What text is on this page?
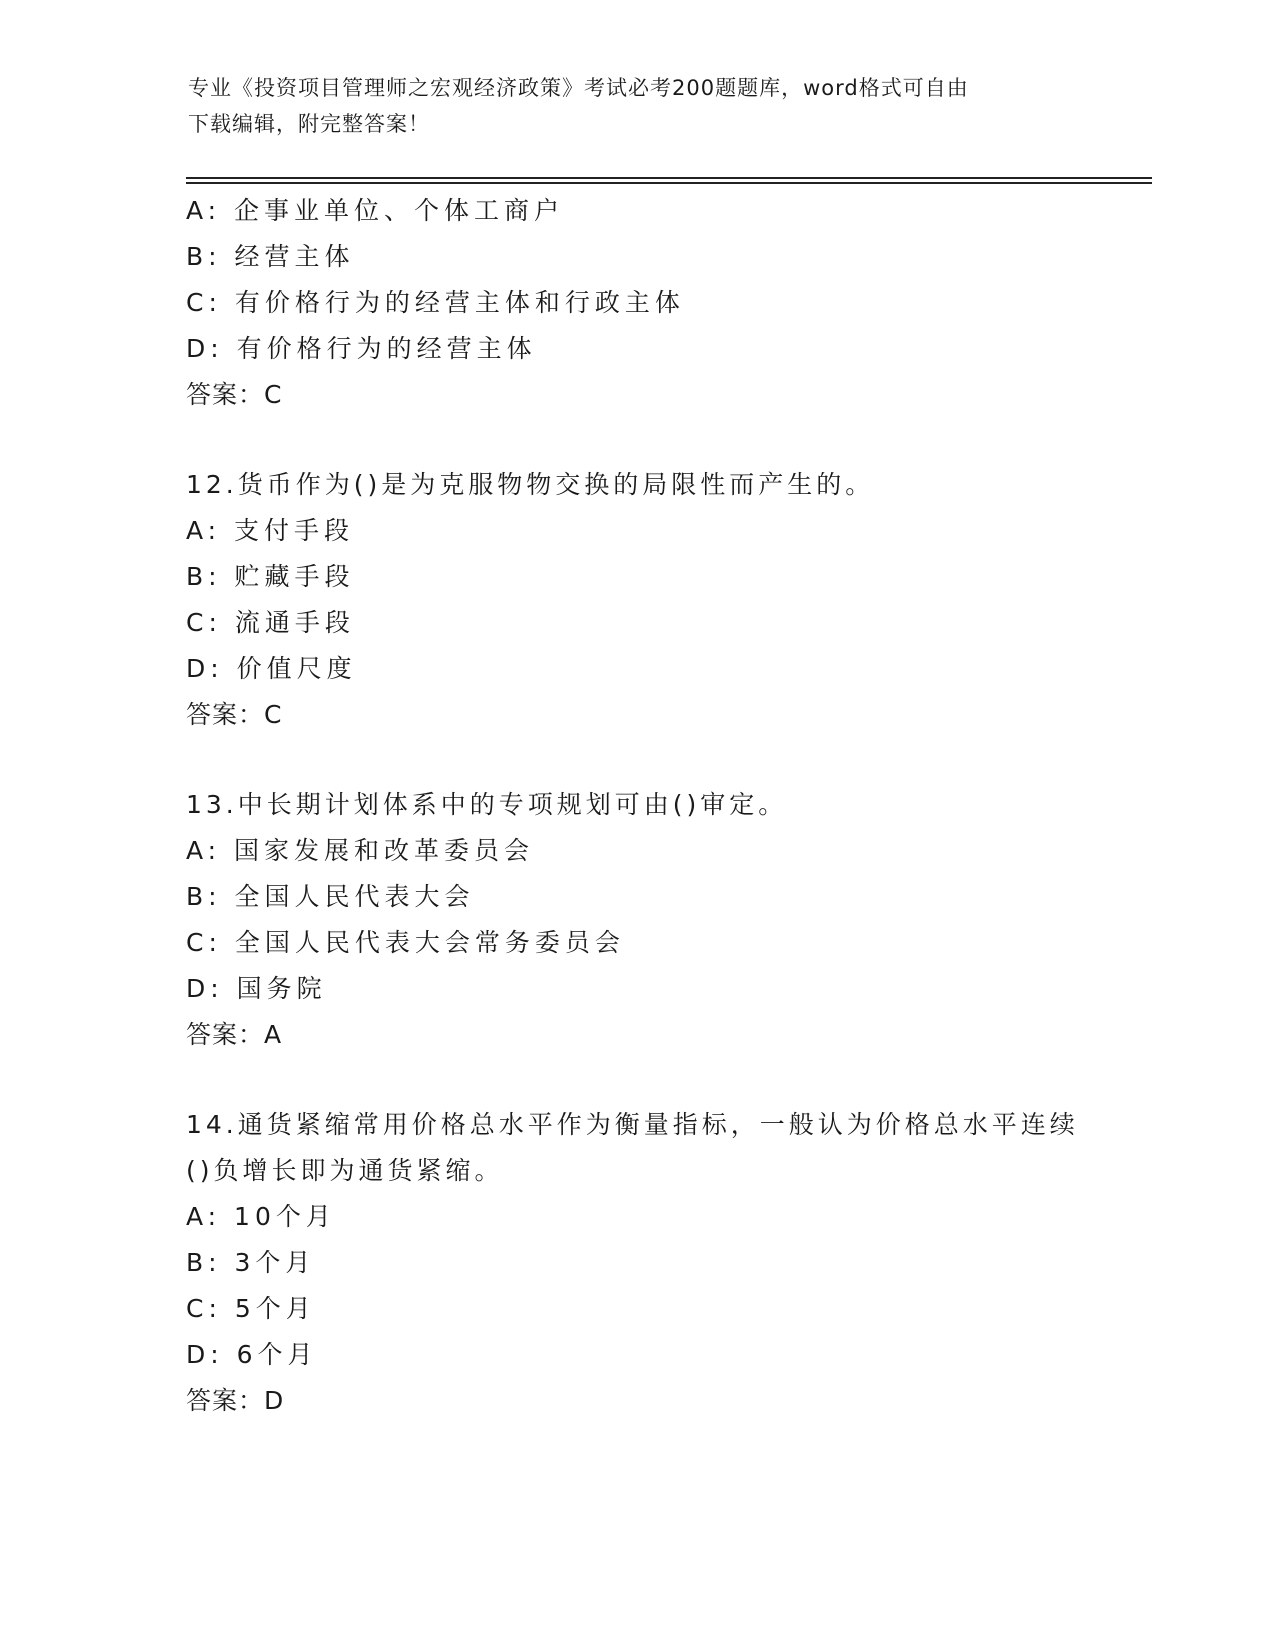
专业《投资项目管理师之宏观经济政策》考试必考200题题库，word格式可自由
下载编辑，附完整答案！
A: 企事业单位、个体工商户
B: 经营主体
C: 有价格行为的经营主体和行政主体
D: 有价格行为的经营主体
答案：C
12.货币作为()是为克服物物交换的局限性而产生的。
A: 支付手段
B: 贮藏手段
C: 流通手段
D: 价值尺度
答案：C
13.中长期计划体系中的专项规划可由()审定。
A: 国家发展和改革委员会
B: 全国人民代表大会
C: 全国人民代表大会常务委员会
D: 国务院
答案：A
14.通货紧缩常用价格总水平作为衡量指标，一般认为价格总水平连续
()负增长即为通货紧缩。
A: 10个月
B: 3个月
C: 5个月
D: 6个月
答案：D
